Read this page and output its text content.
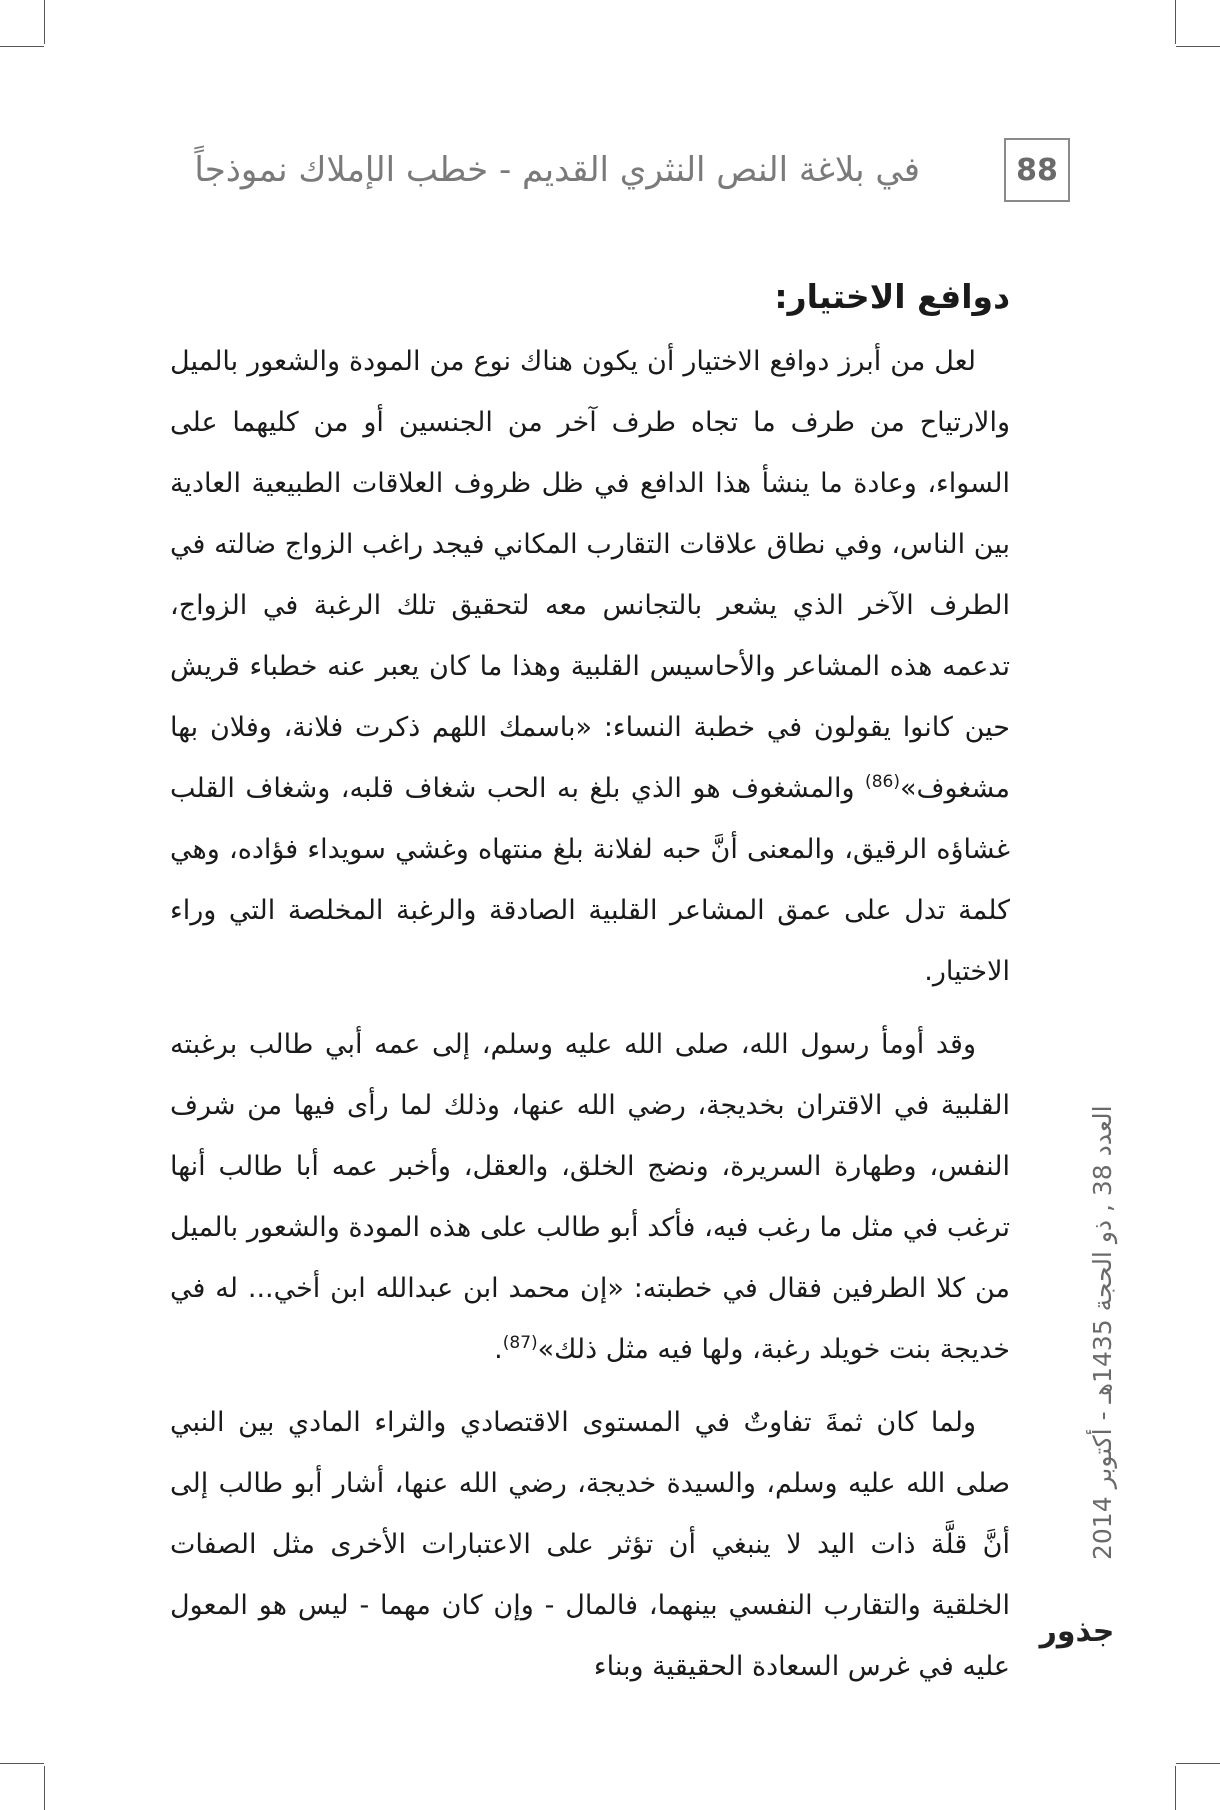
88
في بلاغة النص النثري القديم - خطب الإملاك نموذجاً
دوافع الاختيار:

لعل من أبرز دوافع الاختيار أن يكون هناك نوع من المودة والشعور بالميل والارتياح من طرف ما تجاه طرف آخر من الجنسين أو من كليهما على السواء، وعادة ما ينشأ هذا الدافع في ظل ظروف العلاقات الطبيعية العادية بين الناس، وفي نطاق علاقات التقارب المكاني فيجد راغب الزواج ضالته في الطرف الآخر الذي يشعر بالتجانس معه لتحقيق تلك الرغبة في الزواج، تدعمه هذه المشاعر والأحاسيس القلبية وهذا ما كان يعبر عنه خطباء قريش حين كانوا يقولون في خطبة النساء: «باسمك اللهم ذكرت فلانة، وفلان بها مشغوف»$^{(86)}$ والمشغوف هو الذي بلغ به الحب شغاف قلبه، وشغاف القلب غشاؤه الرقيق، والمعنى أنَّ حبه لفلانة بلغ منتهاه وغشي سويداء فؤاده، وهي كلمة تدل على عمق المشاعر القلبية الصادقة والرغبة المخلصة التي وراء الاختيار.

وقد أومأ رسول الله، صلى الله عليه وسلم، إلى عمه أبي طالب برغبته القلبية في الاقتران بخديجة، رضي الله عنها، وذلك لما رأى فيها من شرف النفس، وطهارة السريرة، ونضج الخلق، والعقل، وأخبر عمه أبا طالب أنها ترغب في مثل ما رغب فيه، فأكد أبو طالب على هذه المودة والشعور بالميل من كلا الطرفين فقال في خطبته: «إن محمد ابن عبدالله ابن أخي... له في خديجة بنت خويلد رغبة، ولها فيه مثل ذلك»$^{(87)}$.

ولما كان ثمةَ تفاوتٌ في المستوى الاقتصادي والثراء المادي بين النبي صلى الله عليه وسلم، والسيدة خديجة، رضي الله عنها، أشار أبو طالب إلى أنَّ قلَّة ذات اليد لا ينبغي أن تؤثر على الاعتبارات الأخرى مثل الصفات الخلقية والتقارب النفسي بينهما، فالمال - وإن كان مهما - ليس هو المعول عليه في غرس السعادة الحقيقية وبناء

العدد 38 , ذو الحجة 1435هـ - أكتوبر 2014
جذور
